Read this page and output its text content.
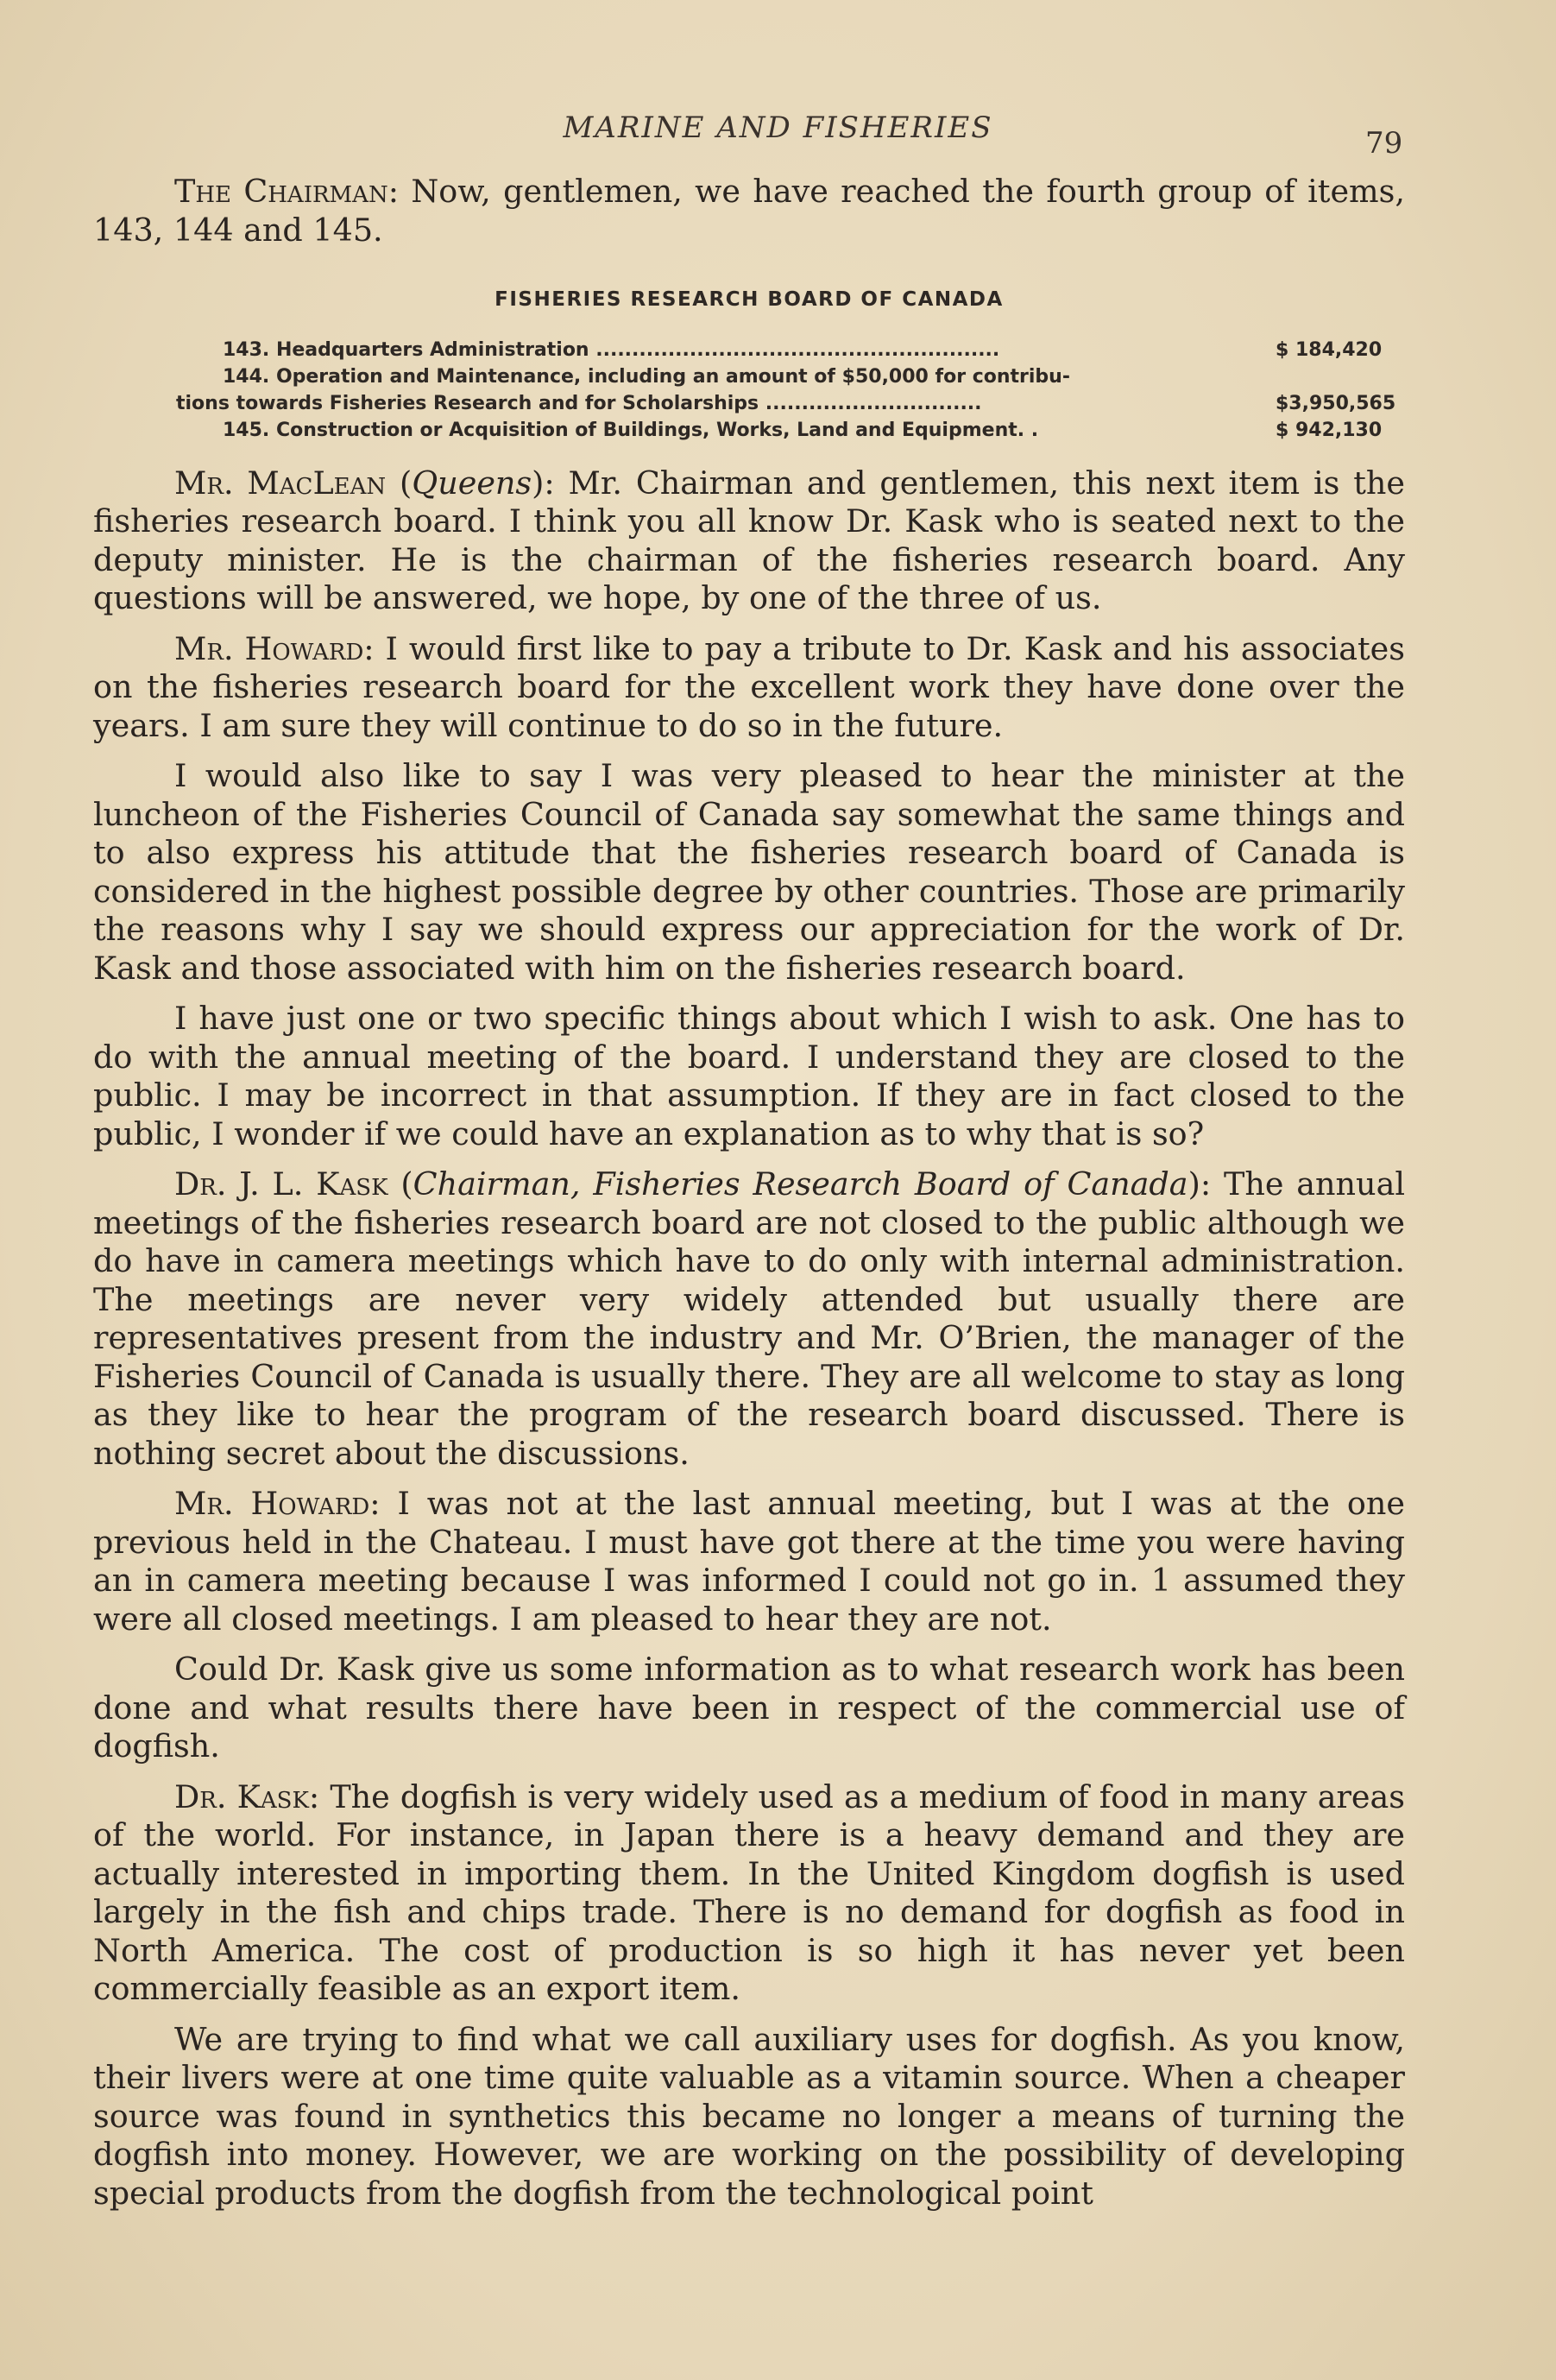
MARINE AND FISHERIES	79

The Chairman: Now, gentlemen, we have reached the fourth group of items, 143, 144 and 145.

FISHERIES RESEARCH BOARD OF CANADA
143. Headquarters Administration ........................................................	$ 184,420
144. Operation and Maintenance, including an amount of $50,000 for contribu-
tions towards Fisheries Research and for Scholarships ..............................	$3,950,565
145. Construction or Acquisition of Buildings, Works, Land and Equipment. .	$ 942,130

Mr. MacLean (Queens): Mr. Chairman and gentlemen, this next item is the fisheries research board. I think you all know Dr. Kask who is seated next to the deputy minister. He is the chairman of the fisheries research board. Any questions will be answered, we hope, by one of the three of us.

Mr. Howard: I would first like to pay a tribute to Dr. Kask and his associates on the fisheries research board for the excellent work they have done over the years. I am sure they will continue to do so in the future.

I would also like to say I was very pleased to hear the minister at the luncheon of the Fisheries Council of Canada say somewhat the same things and to also express his attitude that the fisheries research board of Canada is considered in the highest possible degree by other countries. Those are primarily the reasons why I say we should express our appreciation for the work of Dr. Kask and those associated with him on the fisheries research board.

I have just one or two specific things about which I wish to ask. One has to do with the annual meeting of the board. I understand they are closed to the public. I may be incorrect in that assumption. If they are in fact closed to the public, I wonder if we could have an explanation as to why that is so?

Dr. J. L. Kask (Chairman, Fisheries Research Board of Canada): The annual meetings of the fisheries research board are not closed to the public although we do have in camera meetings which have to do only with internal administration. The meetings are never very widely attended but usually there are representatives present from the industry and Mr. O’Brien, the manager of the Fisheries Council of Canada is usually there. They are all welcome to stay as long as they like to hear the program of the research board discussed. There is nothing secret about the discussions.

Mr. Howard: I was not at the last annual meeting, but I was at the one previous held in the Chateau. I must have got there at the time you were having an in camera meeting because I was informed I could not go in. 1 assumed they were all closed meetings. I am pleased to hear they are not.

Could Dr. Kask give us some information as to what research work has been done and what results there have been in respect of the commercial use of dogfish.

Dr. Kask: The dogfish is very widely used as a medium of food in many areas of the world. For instance, in Japan there is a heavy demand and they are actually interested in importing them. In the United Kingdom dogfish is used largely in the fish and chips trade. There is no demand for dogfish as food in North America. The cost of production is so high it has never yet been commercially feasible as an export item.

We are trying to find what we call auxiliary uses for dogfish. As you know, their livers were at one time quite valuable as a vitamin source. When a cheaper source was found in synthetics this became no longer a means of turning the dogfish into money. However, we are working on the possibility of developing special products from the dogfish from the technological point
